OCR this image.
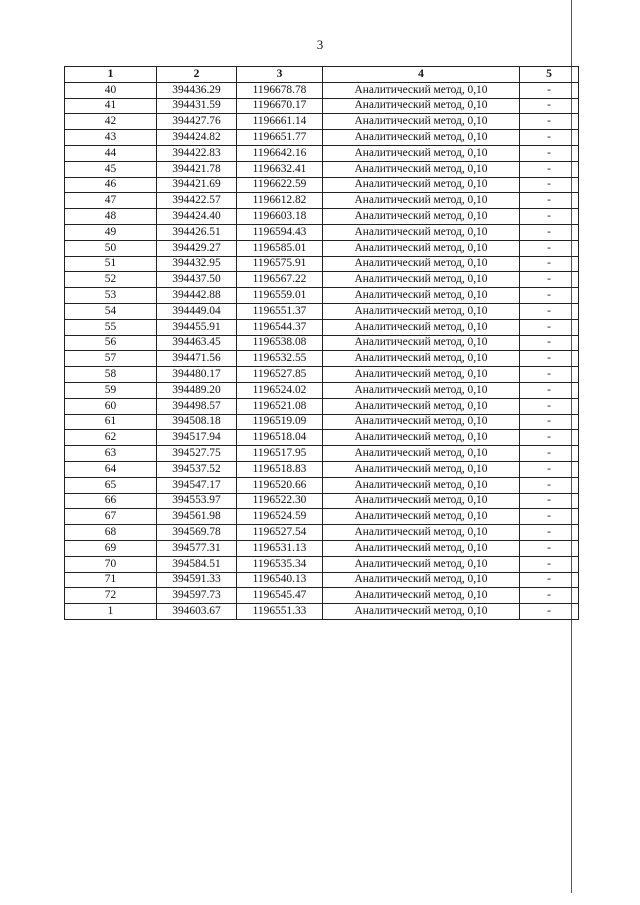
3
1	2	3	4	5
40	394436.29	1196678.78	Аналитический метод, 0,10	-
41	394431.59	1196670.17	Аналитический метод, 0,10	-
42	394427.76	1196661.14	Аналитический метод, 0,10	-
43	394424.82	1196651.77	Аналитический метод, 0,10	-
44	394422.83	1196642.16	Аналитический метод, 0,10	-
45	394421.78	1196632.41	Аналитический метод, 0,10	-
46	394421.69	1196622.59	Аналитический метод, 0,10	-
47	394422.57	1196612.82	Аналитический метод, 0,10	-
48	394424.40	1196603.18	Аналитический метод, 0,10	-
49	394426.51	1196594.43	Аналитический метод, 0,10	-
50	394429.27	1196585.01	Аналитический метод, 0,10	-
51	394432.95	1196575.91	Аналитический метод, 0,10	-
52	394437.50	1196567.22	Аналитический метод, 0,10	-
53	394442.88	1196559.01	Аналитический метод, 0,10	-
54	394449.04	1196551.37	Аналитический метод, 0,10	-
55	394455.91	1196544.37	Аналитический метод, 0,10	-
56	394463.45	1196538.08	Аналитический метод, 0,10	-
57	394471.56	1196532.55	Аналитический метод, 0,10	-
58	394480.17	1196527.85	Аналитический метод, 0,10	-
59	394489.20	1196524.02	Аналитический метод, 0,10	-
60	394498.57	1196521.08	Аналитический метод, 0,10	-
61	394508.18	1196519.09	Аналитический метод, 0,10	-
62	394517.94	1196518.04	Аналитический метод, 0,10	-
63	394527.75	1196517.95	Аналитический метод, 0,10	-
64	394537.52	1196518.83	Аналитический метод, 0,10	-
65	394547.17	1196520.66	Аналитический метод, 0,10	-
66	394553.97	1196522.30	Аналитический метод, 0,10	-
67	394561.98	1196524.59	Аналитический метод, 0,10	-
68	394569.78	1196527.54	Аналитический метод, 0,10	-
69	394577.31	1196531.13	Аналитический метод, 0,10	-
70	394584.51	1196535.34	Аналитический метод, 0,10	-
71	394591.33	1196540.13	Аналитический метод, 0,10	-
72	394597.73	1196545.47	Аналитический метод, 0,10	-
1	394603.67	1196551.33	Аналитический метод, 0,10	-
